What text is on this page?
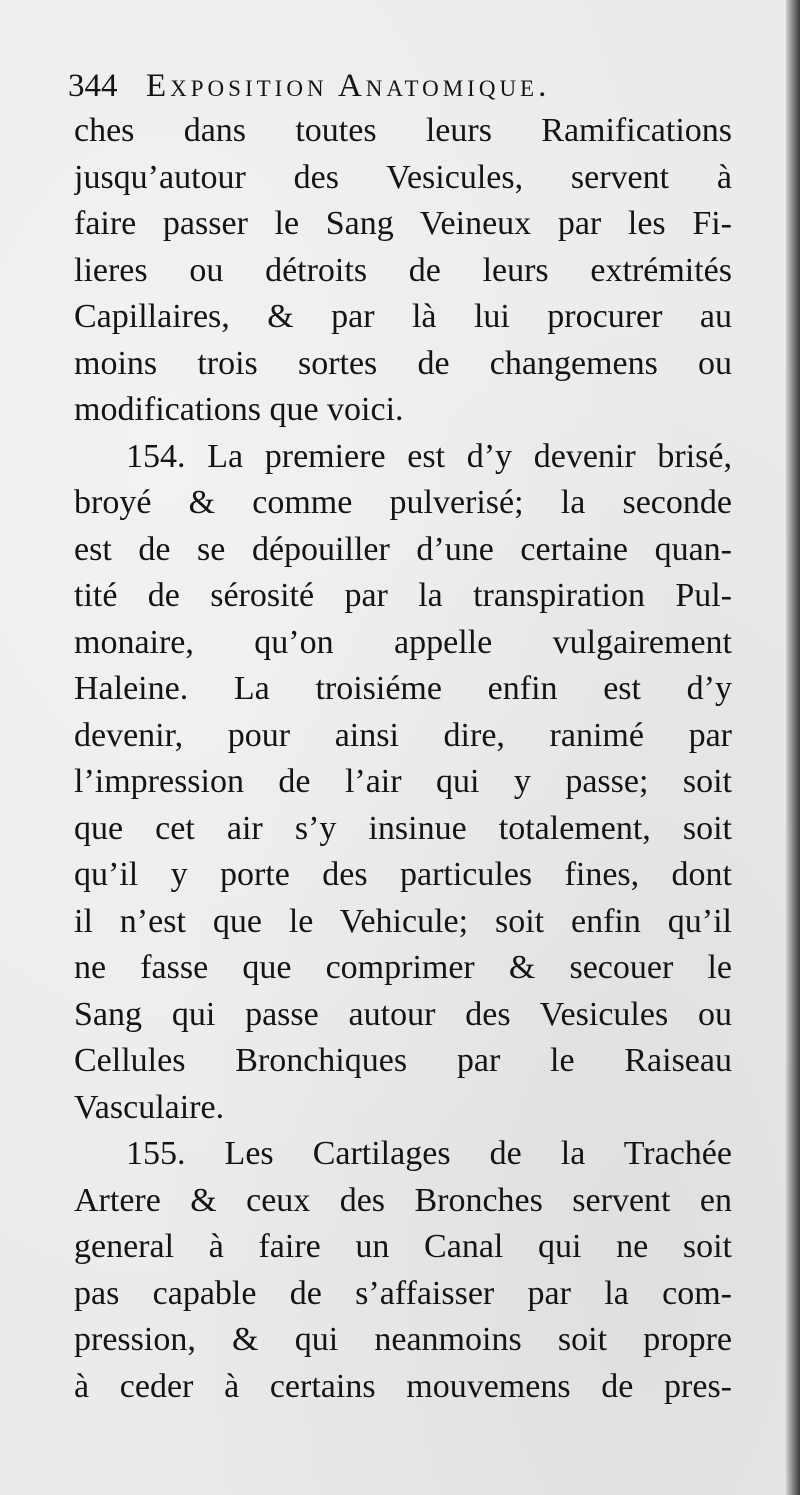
344 Exposition Anatomique.
ches dans toutes leurs Ramifications
jusqu’autour des Vesicules, servent à
faire passer le Sang Veineux par les Fi-
lieres ou détroits de leurs extrémités
Capillaires, & par là lui procurer au
moins trois sortes de changemens ou
modifications que voici.
154. La premiere est d’y devenir brisé,
broyé & comme pulverisé; la seconde
est de se dépouiller d’une certaine quan-
tité de sérosité par la transpiration Pul-
monaire, qu’on appelle vulgairement
Haleine. La troisiéme enfin est d’y
devenir, pour ainsi dire, ranimé par
l’impression de l’air qui y passe; soit
que cet air s’y insinue totalement, soit
qu’il y porte des particules fines, dont
il n’est que le Vehicule; soit enfin qu’il
ne fasse que comprimer & secouer le
Sang qui passe autour des Vesicules ou
Cellules Bronchiques par le Raiseau
Vasculaire.
155. Les Cartilages de la Trachée
Artere & ceux des Bronches servent en
general à faire un Canal qui ne soit
pas capable de s’affaisser par la com-
pression, & qui neanmoins soit propre
à ceder à certains mouvemens de pres-
